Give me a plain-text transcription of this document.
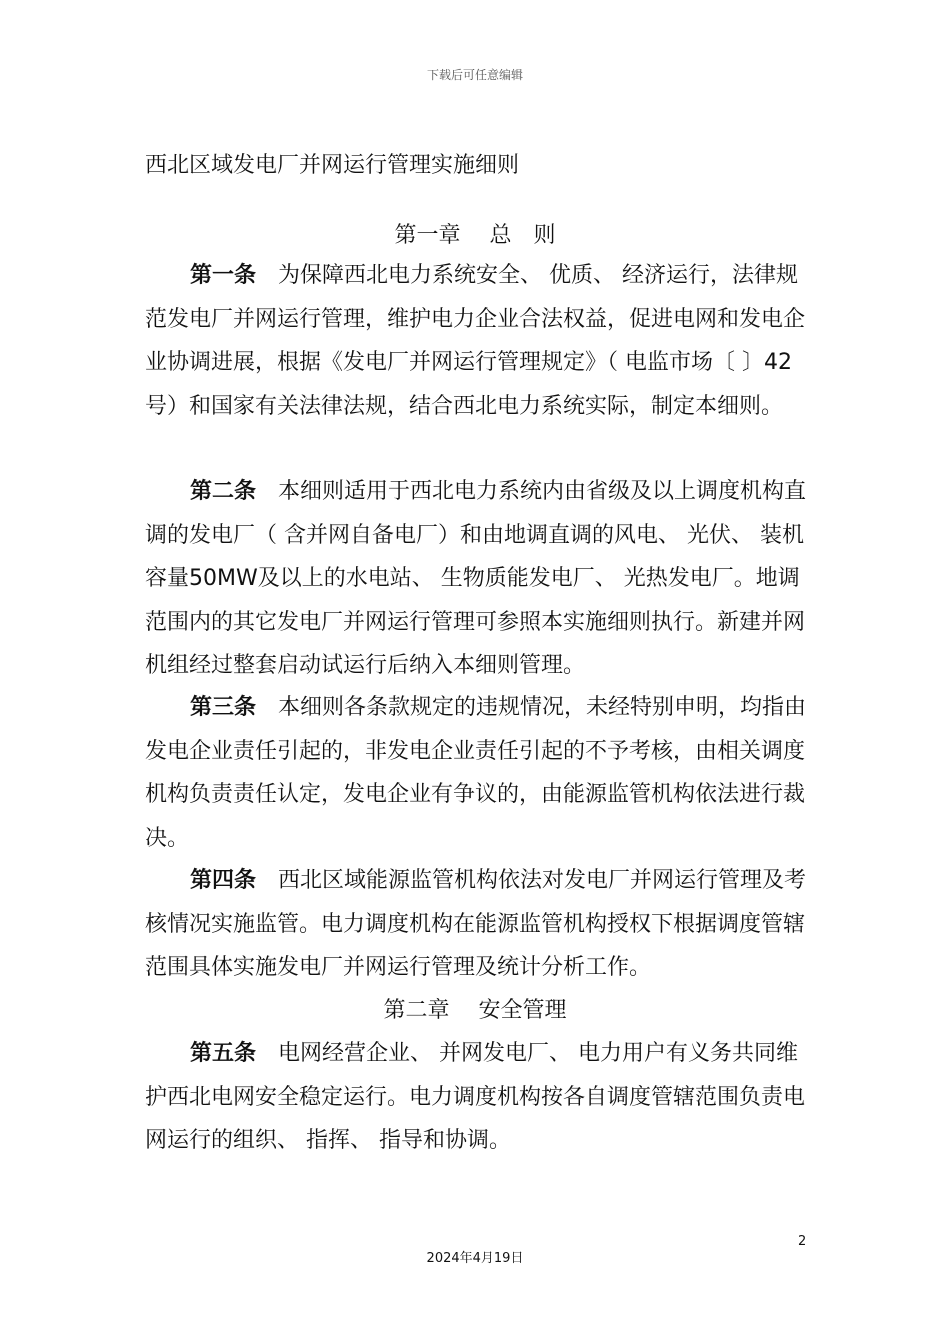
下载后可任意编辑
西北区域发电厂并网运行管理实施细则
第一章　 总　则

第一条 为保障西北电力系统安全、 优质、 经济运行，法律规范发电厂并网运行管理，维护电力企业合法权益，促进电网和发电企业协调进展，根据《发电厂并网运行管理规定》（ 电监市场〔 〕42号）和国家有关法律法规，结合西北电力系统实际，制定本细则。

第二条 本细则适用于西北电力系统内由省级及以上调度机构直调的发电厂（ 含并网自备电厂）和由地调直调的风电、 光伏、 装机容量50MW及以上的水电站、 生物质能发电厂、 光热发电厂。地调范围内的其它发电厂并网运行管理可参照本实施细则执行。新建并网机组经过整套启动试运行后纳入本细则管理。

第三条 本细则各条款规定的违规情况，未经特别申明，均指由发电企业责任引起的，非发电企业责任引起的不予考核，由相关调度机构负责责任认定，发电企业有争议的，由能源监管机构依法进行裁决。

第四条 西北区域能源监管机构依法对发电厂并网运行管理及考核情况实施监管。电力调度机构在能源监管机构授权下根据调度管辖范围具体实施发电厂并网运行管理及统计分析工作。

第二章　 安全管理

第五条 电网经营企业、 并网发电厂、 电力用户有义务共同维护西北电网安全稳定运行。电力调度机构按各自调度管辖范围负责电网运行的组织、 指挥、 指导和协调。

2
2024年4月19日
